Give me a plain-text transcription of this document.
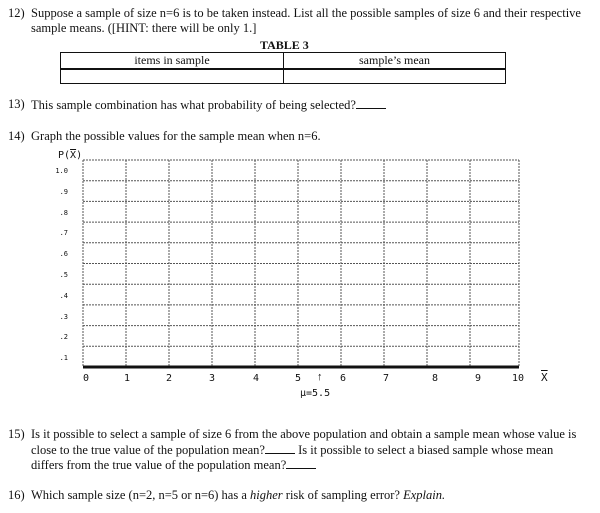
12) Suppose a sample of size n=6 is to be taken instead. List all the possible samples of size 6 and their respective
sample means. ([HINT: there will be only 1.]
TABLE 3
items in sample	sample’s mean
13) This sample combination has what probability of being selected?
14) Graph the possible values for the sample mean when n=6.
$P(\overline{X})$
1.0
.9
.8
.7
.6
.5
.4
.3
.2
.1
0	1	2	3	4	5	6	7	8	9	10 $\overline{X}$
↑
μ=5.5
15) Is it possible to select a sample of size 6 from the above population and obtain a sample mean whose value is
close to the true value of the population mean? Is it possible to select a biased sample whose mean
differs from the true value of the population mean?
16) Which sample size (n=2, n=5 or n=6) has a higher risk of sampling error? Explain.
